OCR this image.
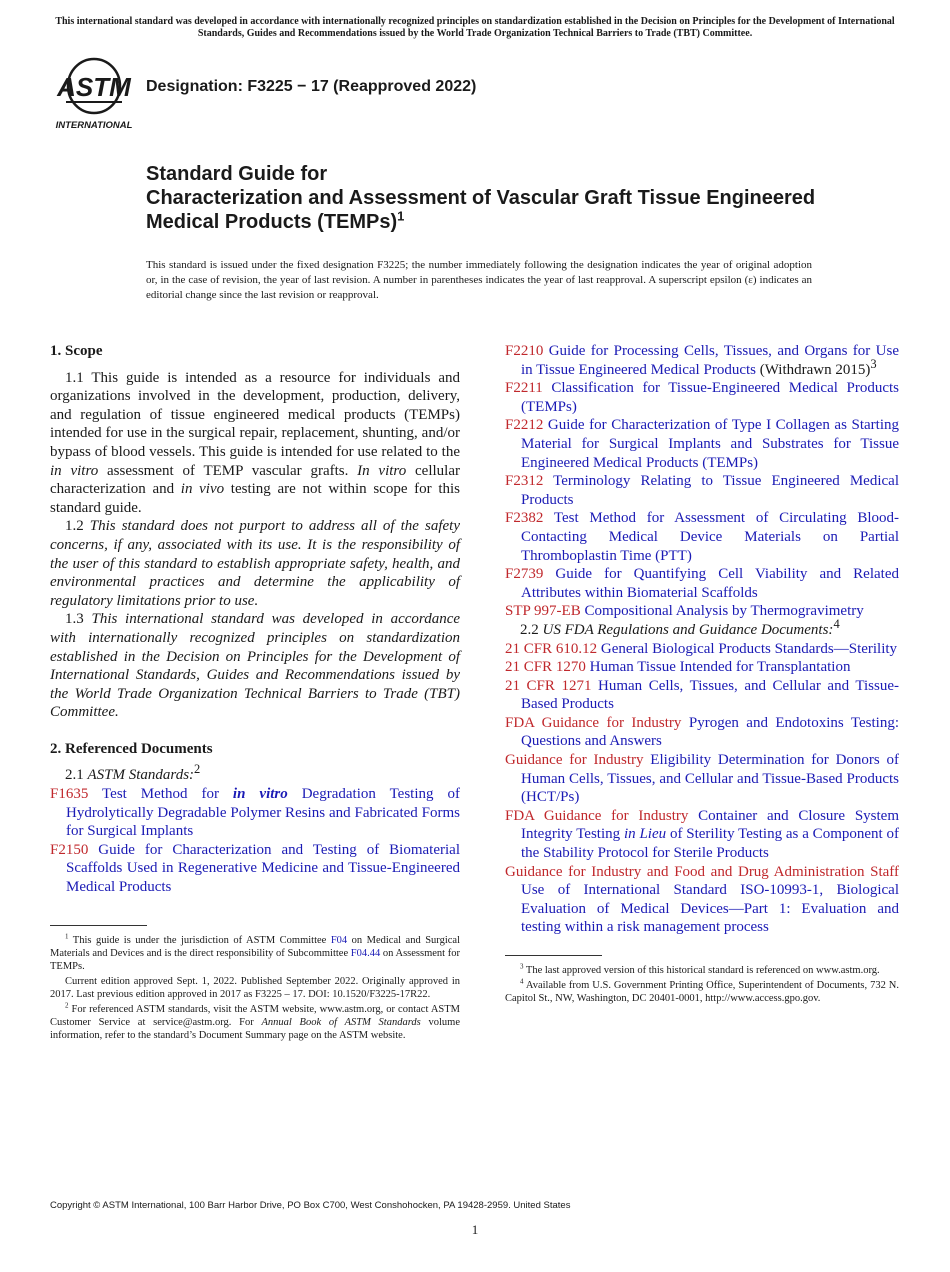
This international standard was developed in accordance with internationally recognized principles on standardization established in the Decision on Principles for the Development of International Standards, Guides and Recommendations issued by the World Trade Organization Technical Barriers to Trade (TBT) Committee.
ASTM
INTERNATIONAL
Designation: F3225 − 17 (Reapproved 2022)
Standard Guide for
Characterization and Assessment of Vascular Graft Tissue Engineered Medical Products (TEMPs)$^1$
This standard is issued under the fixed designation F3225; the number immediately following the designation indicates the year of original adoption or, in the case of revision, the year of last revision. A number in parentheses indicates the year of last reapproval. A superscript epsilon (ε) indicates an editorial change since the last revision or reapproval.
1. Scope

1.1 This guide is intended as a resource for individuals and organizations involved in the development, production, delivery, and regulation of tissue engineered medical products (TEMPs) intended for use in the surgical repair, replacement, shunting, and/or bypass of blood vessels. This guide is intended for use related to the in vitro assessment of TEMP vascular grafts. In vitro cellular characterization and in vivo testing are not within scope for this standard guide.

1.2 This standard does not purport to address all of the safety concerns, if any, associated with its use. It is the responsibility of the user of this standard to establish appropriate safety, health, and environmental practices and determine the applicability of regulatory limitations prior to use.

1.3 This international standard was developed in accordance with internationally recognized principles on standardization established in the Decision on Principles for the Development of International Standards, Guides and Recommendations issued by the World Trade Organization Technical Barriers to Trade (TBT) Committee.

2. Referenced Documents

2.1 ASTM Standards:$^2$

F1635 Test Method for in vitro Degradation Testing of Hydrolytically Degradable Polymer Resins and Fabricated Forms for Surgical Implants

F2150 Guide for Characterization and Testing of Biomaterial Scaffolds Used in Regenerative Medicine and Tissue-Engineered Medical Products

$^1$ This guide is under the jurisdiction of ASTM Committee F04 on Medical and Surgical Materials and Devices and is the direct responsibility of Subcommittee F04.44 on Assessment for TEMPs.

Current edition approved Sept. 1, 2022. Published September 2022. Originally approved in 2017. Last previous edition approved in 2017 as F3225 – 17. DOI: 10.1520/F3225-17R22.

$^2$ For referenced ASTM standards, visit the ASTM website, www.astm.org, or contact ASTM Customer Service at service@astm.org. For Annual Book of ASTM Standards volume information, refer to the standard’s Document Summary page on the ASTM website.

F2210 Guide for Processing Cells, Tissues, and Organs for Use in Tissue Engineered Medical Products (Withdrawn 2015)$^3$

F2211 Classification for Tissue-Engineered Medical Products (TEMPs)

F2212 Guide for Characterization of Type I Collagen as Starting Material for Surgical Implants and Substrates for Tissue Engineered Medical Products (TEMPs)

F2312 Terminology Relating to Tissue Engineered Medical Products

F2382 Test Method for Assessment of Circulating Blood-Contacting Medical Device Materials on Partial Thromboplastin Time (PTT)

F2739 Guide for Quantifying Cell Viability and Related Attributes within Biomaterial Scaffolds

STP 997-EB Compositional Analysis by Thermogravimetry

2.2 US FDA Regulations and Guidance Documents:$^4$

21 CFR 610.12 General Biological Products Standards—Sterility

21 CFR 1270 Human Tissue Intended for Transplantation

21 CFR 1271 Human Cells, Tissues, and Cellular and Tissue-Based Products

FDA Guidance for Industry Pyrogen and Endotoxins Testing: Questions and Answers

Guidance for Industry Eligibility Determination for Donors of Human Cells, Tissues, and Cellular and Tissue-Based Products (HCT/Ps)

FDA Guidance for Industry Container and Closure System Integrity Testing in Lieu of Sterility Testing as a Component of the Stability Protocol for Sterile Products

Guidance for Industry and Food and Drug Administration Staff Use of International Standard ISO-10993-1, Biological Evaluation of Medical Devices—Part 1: Evaluation and testing within a risk management process

$^3$ The last approved version of this historical standard is referenced on www.astm.org.

$^4$ Available from U.S. Government Printing Office, Superintendent of Documents, 732 N. Capitol St., NW, Washington, DC 20401-0001, http://www.access.gpo.gov.

Copyright © ASTM International, 100 Barr Harbor Drive, PO Box C700, West Conshohocken, PA 19428-2959. United States
1
